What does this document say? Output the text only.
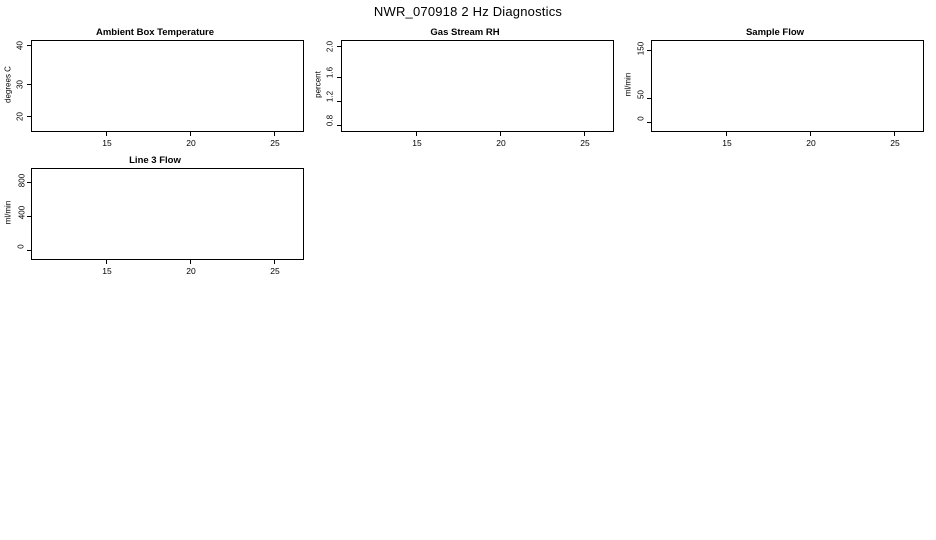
NWR_070918 2 Hz Diagnostics
Ambient Box Temperature
degrees C
20
30
40
15	20	25
Gas Stream RH
percent
0.8
1.2
1.6
2.0
15	20	25
Sample Flow
ml/min
0
50
150
15	20	25
Line 3 Flow
ml/min
0
400
800
15	20	25
